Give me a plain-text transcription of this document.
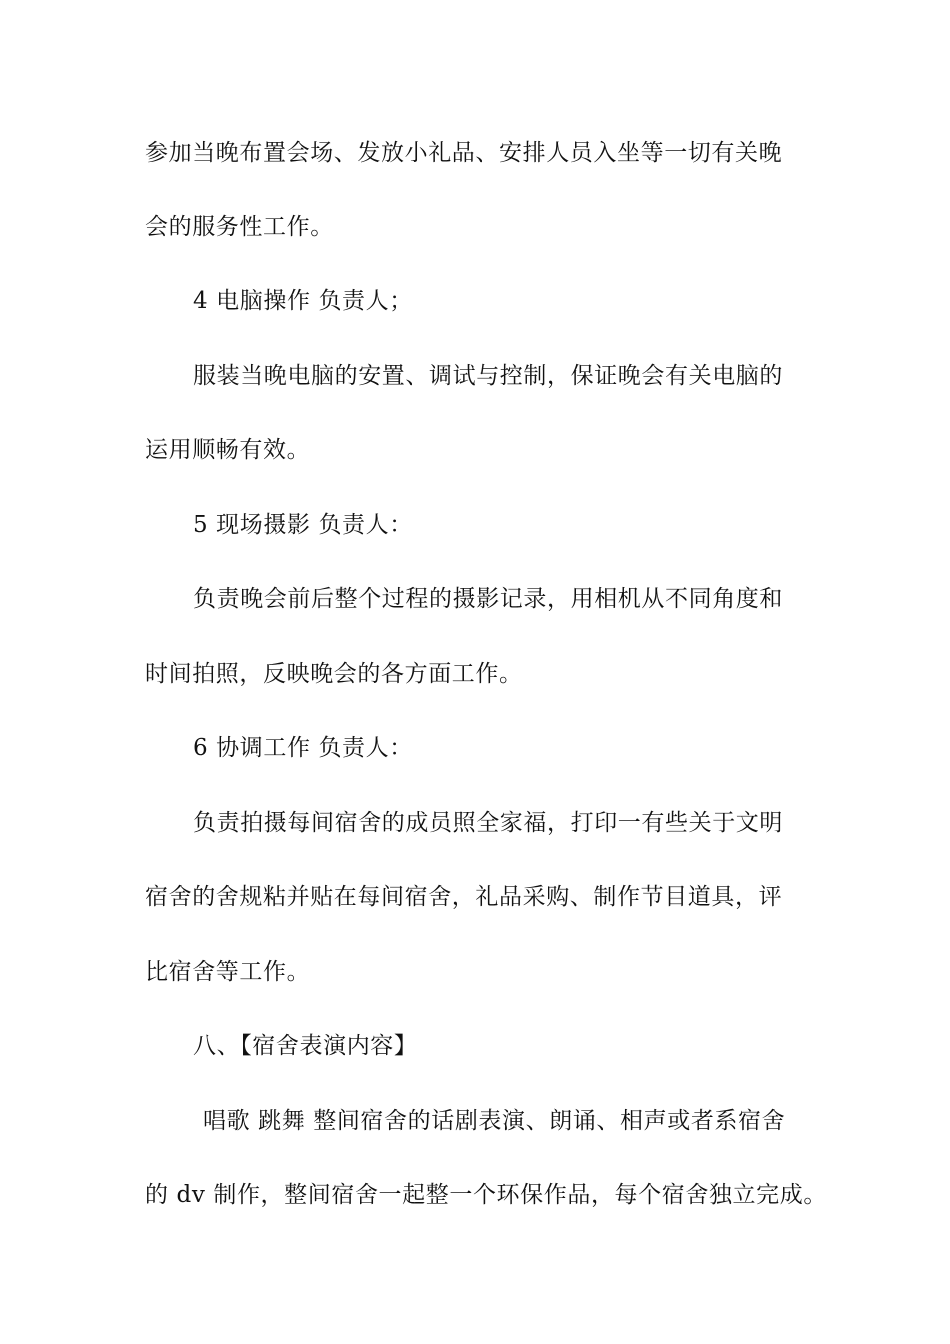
参加当晚布置会场、发放小礼品、安排人员入坐等一切有关晚
会的服务性工作。
4 电脑操作 负责人；
服装当晚电脑的安置、调试与控制，保证晚会有关电脑的
运用顺畅有效。
5 现场摄影 负责人：
负责晚会前后整个过程的摄影记录，用相机从不同角度和
时间拍照，反映晚会的各方面工作。
6 协调工作 负责人：
负责拍摄每间宿舍的成员照全家福，打印一有些关于文明
宿舍的舍规粘并贴在每间宿舍，礼品采购、制作节目道具，评
比宿舍等工作。
八、【宿舍表演内容】
唱歌 跳舞 整间宿舍的话剧表演、朗诵、相声或者系宿舍
的 dv 制作，整间宿舍一起整一个环保作品，每个宿舍独立完成。
